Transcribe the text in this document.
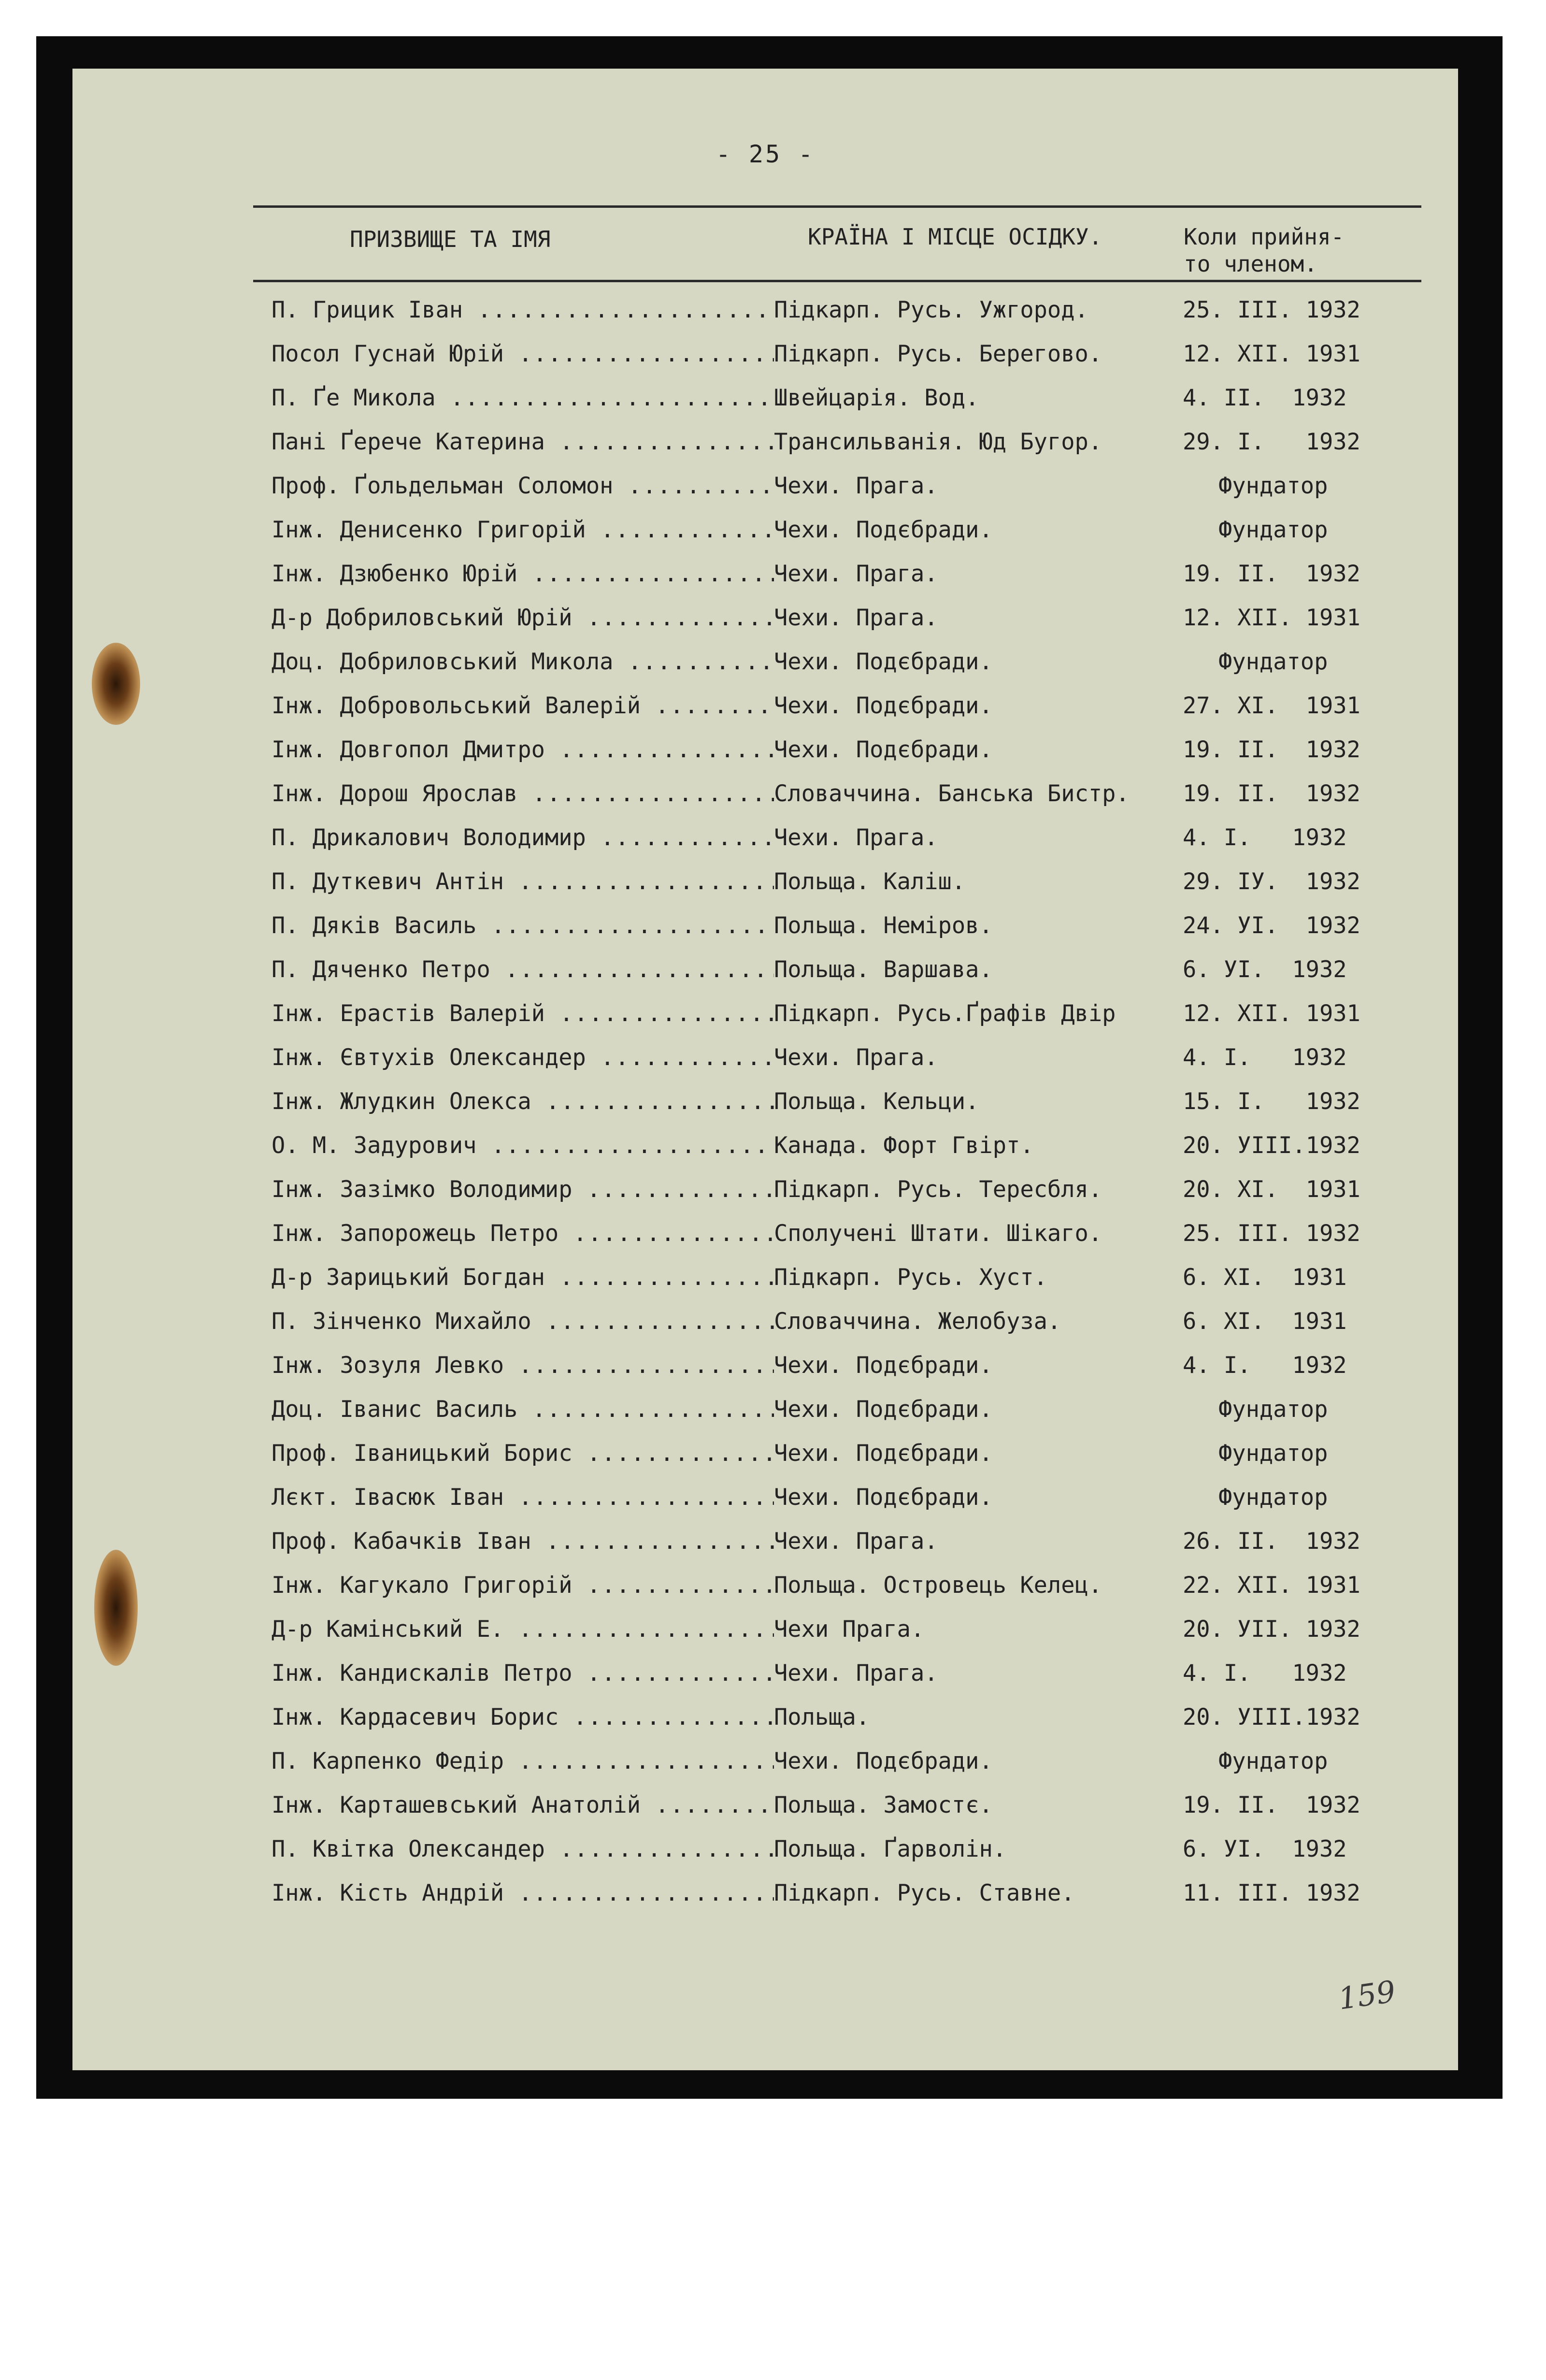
- 25 -
ПРИЗВИЩЕ ТА ІМЯ	КРАЇНА І МІСЦЕ ОСІДКУ.	Коли прийня-
то членом.
П. Грицик Іван .....	Підкарп. Русь. Ужгород.	25. III. 1932
Посол Гуснай Юрій .....	Підкарп. Русь. Берегово.	12. XII. 1931
П. Ґе Микола .....	Швейцарія. Вод.	4. II.  1932
Пані Ґерече Катерина .....	Трансильванія. Юд Бугор.	29. I.   1932
Проф. Ґольдельман Соломон .....	Чехи. Прага.	Фундатор
Інж. Денисенко Григорій .....	Чехи. Подєбради.	Фундатор
Інж. Дзюбенко Юрій .....	Чехи. Прага.	19. II.  1932
Д-р Добриловський Юрій .....	Чехи. Прага.	12. XII. 1931
Доц. Добриловський Микола .....	Чехи. Подєбради.	Фундатор
Інж. Добровольський Валерій .....	Чехи. Подєбради.	27. XI.  1931
Інж. Довгопол Дмитро .....	Чехи. Подєбради.	19. II.  1932
Інж. Дорош Ярослав .....	Словаччина. Банська Бистр. 19. II.  1932
П. Дрикалович Володимир .....	Чехи. Прага.	4. I.   1932
П. Дуткевич Антін .....	Польща. Каліш.	29. IУ.  1932
П. Дяків Василь .....	Польща. Немірoв.	24. УІ.  1932
П. Дяченко Петро .....	Польща. Варшава.	6. УІ.  1932
Інж. Ерастів Валерій .....	Підкарп. Русь.Ґрафів Двір	12. XII. 1931
Інж. Євтухів Олександер .....	Чехи. Прага.	4. I.   1932
Інж. Жлудкин Олекса .....	Польща. Кельци.	15. I.   1932
О. М. Задурович .....	Канада. Форт Гвірт.	20. УІІІ.1932
Інж. Зазімко Володимир .....	Підкарп. Русь. Тересбля.	20. XI.  1931
Інж. Запорожець Петро .....	Сполучені Штати. Шікаго.	25. III. 1932
Д-р Зарицький Богдан .....	Підкарп. Русь. Хуст.	6. XI.  1931
П. Зінченко Михайло .....	Словаччина. Желобуза.	6. XI.  1931
Інж. Зозуля Левко .....	Чехи. Подєбради.	4. I.   1932
Доц. Іванис Василь .....	Чехи. Подєбради.	Фундатор
Проф. Іваницький Борис .....	Чехи. Подєбради.	Фундатор
Лєкт. Івасюк Іван .....	Чехи. Подєбради.	Фундатор
Проф. Кабачків Іван .....	Чехи. Прага.	26. II.  1932
Інж. Кагукало Григорій .....	Польща. Островець Келец.	22. XII. 1931
Д-р Камінський Е. .....	Чехи Прага.	20. УІІ. 1932
Інж. Кандискалів Петро .....	Чехи. Прага.	4. I.   1932
Інж. Кардасевич Борис .....	Польща.	20. УІІІ.1932
П. Карпенко Федір .....	Чехи. Подєбради.	Фундатор
Інж. Карташевський Анатолій .....	Польща. Замостє.	19. II.  1932
П. Квітка Олександер .....	Польща. Ґарволін.	6. УІ.  1932
Інж. Кість Андрій .....	Підкарп. Русь. Ставне.	11. III. 1932
159
